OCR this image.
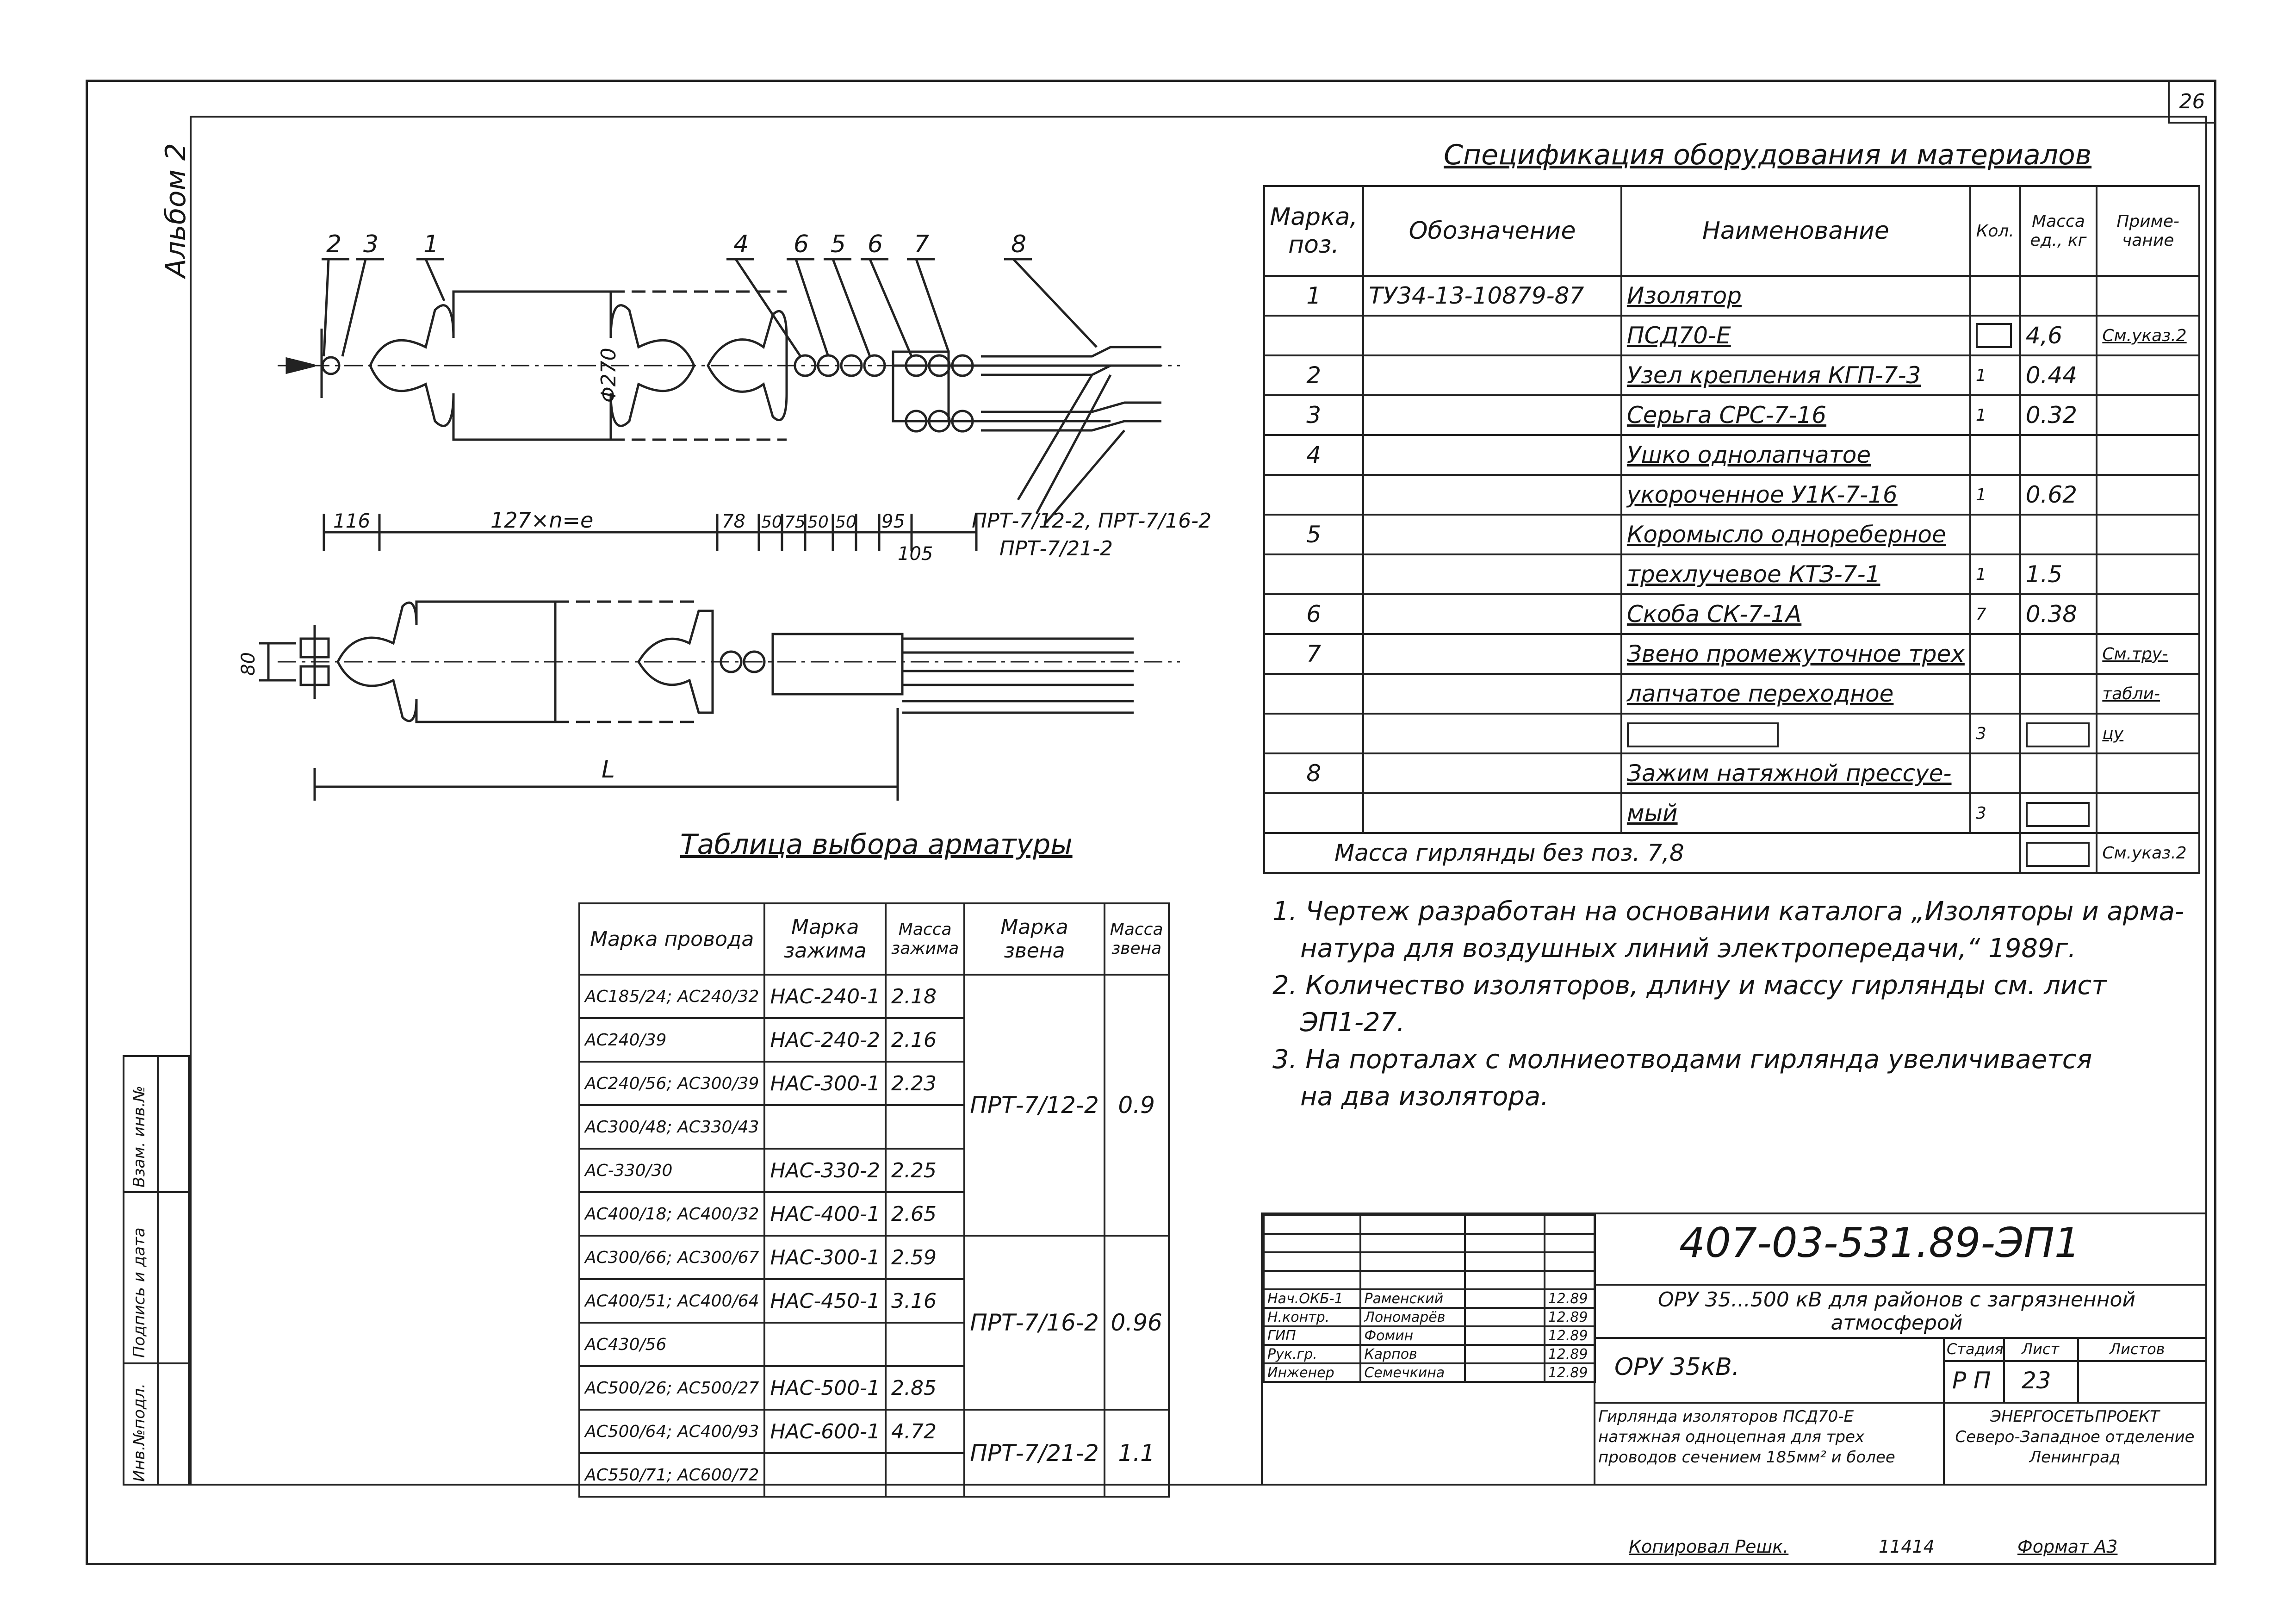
26
Альбом 2
Инв.№подл.
Подпись и дата
Взам. инв.№
2 3 1	4 6 5 6 7	8
Φ270
116	127×n=e	78 50 75 50 50 95
105
ПРТ-7/12-2, ПРТ-7/16-2
ПРТ-7/21-2
80
L
Спецификация оборудования и материалов
Марка, поз.	Обозначение	Наименование	Кол.	Масса ед., кг	Приме- чание
1	ТУ34-13-10879-87	Изолятор			
		ПСД70-Е		4,6	См.указ.2
2		Узел крепления КГП-7-3	1	0.44	
3		Серьга СРС-7-16	1	0.32	
4		Ушко однолапчатое			
		укороченное У1К-7-16	1	0.62	
5		Коромысло однореберное			
		трехлучевое КТЗ-7-1	1	1.5	
6		Скоба СК-7-1А	7	0.38	
7		Звено промежуточное трех			См.тру-
		лапчатое переходное			табли-
			3		цу
8		Зажим натяжной прессуе-			
		мый	3		
Масса гирлянды без поз. 7,8					См.указ.2
Таблица выбора арматуры
Марка провода	Марка зажима	Масса зажима	Марка звена	Масса звена
АС185/24; АС240/32	НАС-240-1	2.18	ПРТ-7/12-2	0.9
АС240/39	НАС-240-2	2.16		
АС240/56; АС300/39	НАС-300-1	2.23		
АС300/48; АС330/43				
АС-330/30	НАС-330-2	2.25		
АС400/18; АС400/32	НАС-400-1	2.65		
АС300/66; АС300/67	НАС-300-1	2.59	ПРТ-7/16-2	0.96
АС400/51; АС400/64	НАС-450-1	3.16		
АС430/56				
АС500/26; АС500/27	НАС-500-1	2.85		
АС500/64; АС400/93	НАС-600-1	4.72	ПРТ-7/21-2	1.1
АС550/71; АС600/72				
1. Чертеж разработан на основании каталога „Изоляторы и арма-
натура для воздушных линий электропередачи,“ 1989г.
2. Количество изоляторов, длину и массу гирлянды см. лист
ЭП1-27.
3. На порталах с молниеотводами гирлянда увеличивается
на два изолятора.

Нач.ОКБ-1	Раменский		12.89
Н.контр.	Лономарёв		12.89
ГИП	Фомин		12.89
Рук.гр.	Карпов		12.89
Инженер	Семечкина		12.89
407-03-531.89-ЭП1
ОРУ 35...500 кВ для районов с загрязненной атмосферой
ОРУ 35кВ.
Стадия Лист	Листов
Р П 23
Гирлянда изоляторов ПСД70-Е натяжная одноцепная для трех проводов сечением 185мм² и более
ЭНЕРГОСЕТЬПРОЕКТ
Северо-Западное отделение
Ленинград
Копировал Решк.	11414	Формат А3
